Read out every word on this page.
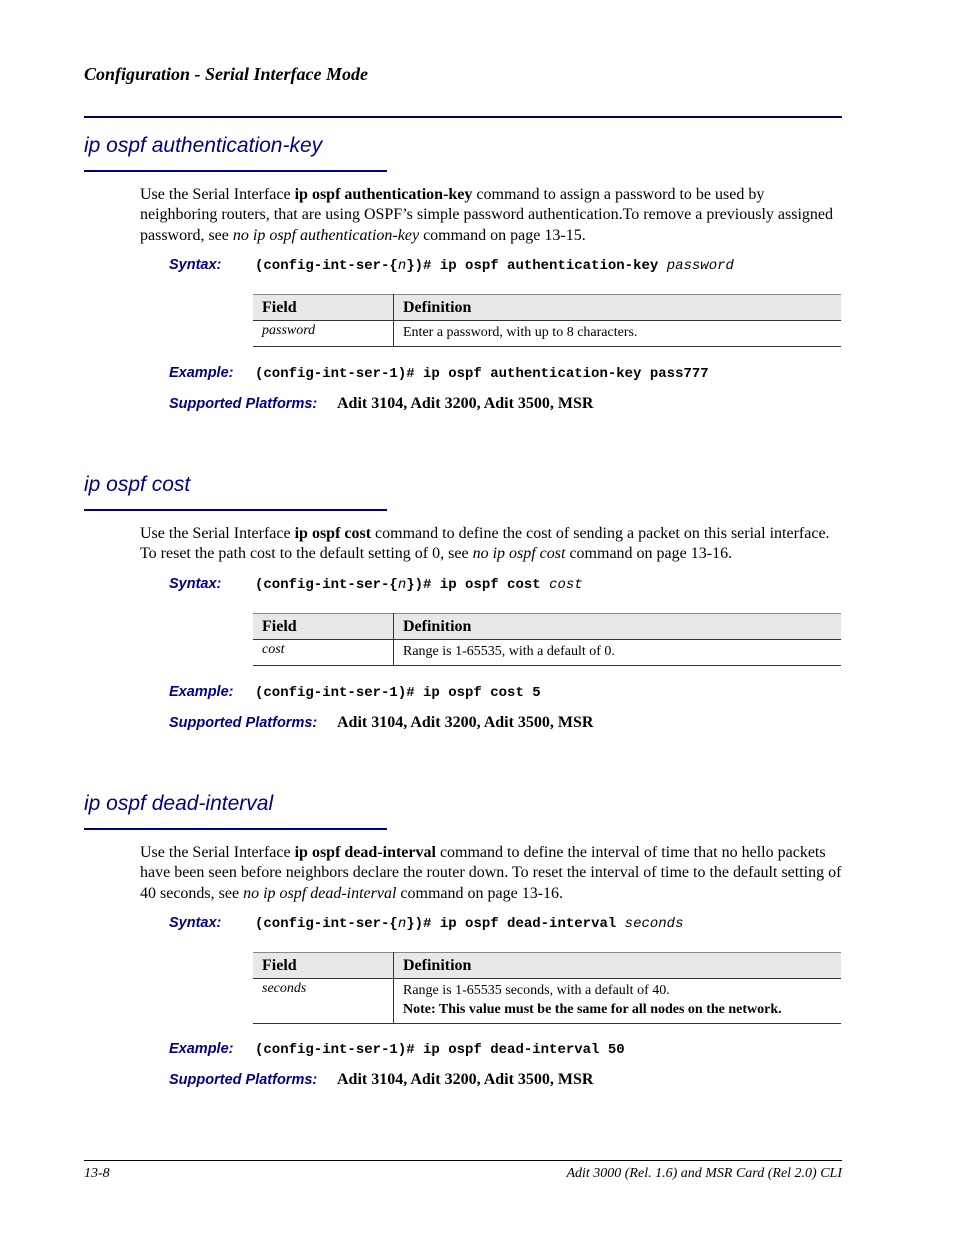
Configuration - Serial Interface Mode
ip ospf authentication-key
Use the Serial Interface ip ospf authentication-key command to assign a password to be used by neighboring routers, that are using OSPF’s simple password authentication.To remove a previously assigned password, see no ip ospf authentication-key command on page 13-15.
Syntax: (config-int-ser-{n})# ip ospf authentication-key password
Field	Definition
password	Enter a password, with up to 8 characters.
Example: (config-int-ser-1)# ip ospf authentication-key pass777
Supported Platforms: Adit 3104, Adit 3200, Adit 3500, MSR
ip ospf cost
Use the Serial Interface ip ospf cost command to define the cost of sending a packet on this serial interface. To reset the path cost to the default setting of 0, see no ip ospf cost command on page 13-16.
Syntax: (config-int-ser-{n})# ip ospf cost cost
Field	Definition
cost	Range is 1-65535, with a default of 0.
Example: (config-int-ser-1)# ip ospf cost 5
Supported Platforms: Adit 3104, Adit 3200, Adit 3500, MSR
ip ospf dead-interval
Use the Serial Interface ip ospf dead-interval command to define the interval of time that no hello packets have been seen before neighbors declare the router down. To reset the interval of time to the default setting of 40 seconds, see no ip ospf dead-interval command on page 13-16.
Syntax: (config-int-ser-{n})# ip ospf dead-interval seconds
Field	Definition
seconds	Range is 1-65535 seconds, with a default of 40.
Note: This value must be the same for all nodes on the network.
Example: (config-int-ser-1)# ip ospf dead-interval 50
Supported Platforms: Adit 3104, Adit 3200, Adit 3500, MSR
13-8	Adit 3000 (Rel. 1.6) and MSR Card (Rel 2.0) CLI
